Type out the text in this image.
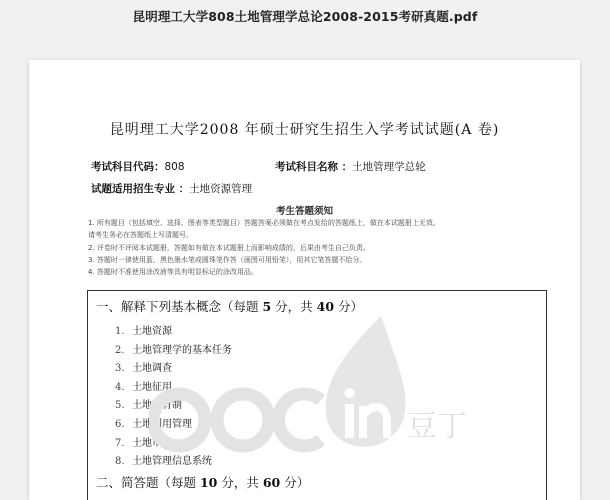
昆明理工大学808土地管理学总论2008-2015考研真题.pdf
昆明理工大学2008 年硕士研究生招生入学考试试题(A 卷)
考试科目代码：808	考试科目名称 ：土地管理学总轮
试题适用招生专业 ：土地资源管理
考生答题须知
1. 所有题目（包括填空、选择、图表等类型题目）答题答案必须做在考点发给的答题纸上，做在本试题册上无效。
请考生务必在答题纸上写清题号。
2. 评卷时不评阅本试题册，答题如有做在本试题册上而影响成绩的，后果由考生自己负责。
3. 答题时一律使用蓝、黑色墨水笔或圆珠笔作答（画图可用铅笔），用其它笔答题不给分。
4. 答题时不准使用涂改液等具有明显标记的涂改用品。
一、解释下列基本概念（每题 5 分，共 40 分）
1. 土地资源
2. 土地管理学的基本任务
3. 土地调查
4. 土地征用
5. 土地所有制
6. 土地利用管理
7. 土地市场
8. 土地管理信息系统
二、简答题（每题 10 分，共 60 分）
豆丁
